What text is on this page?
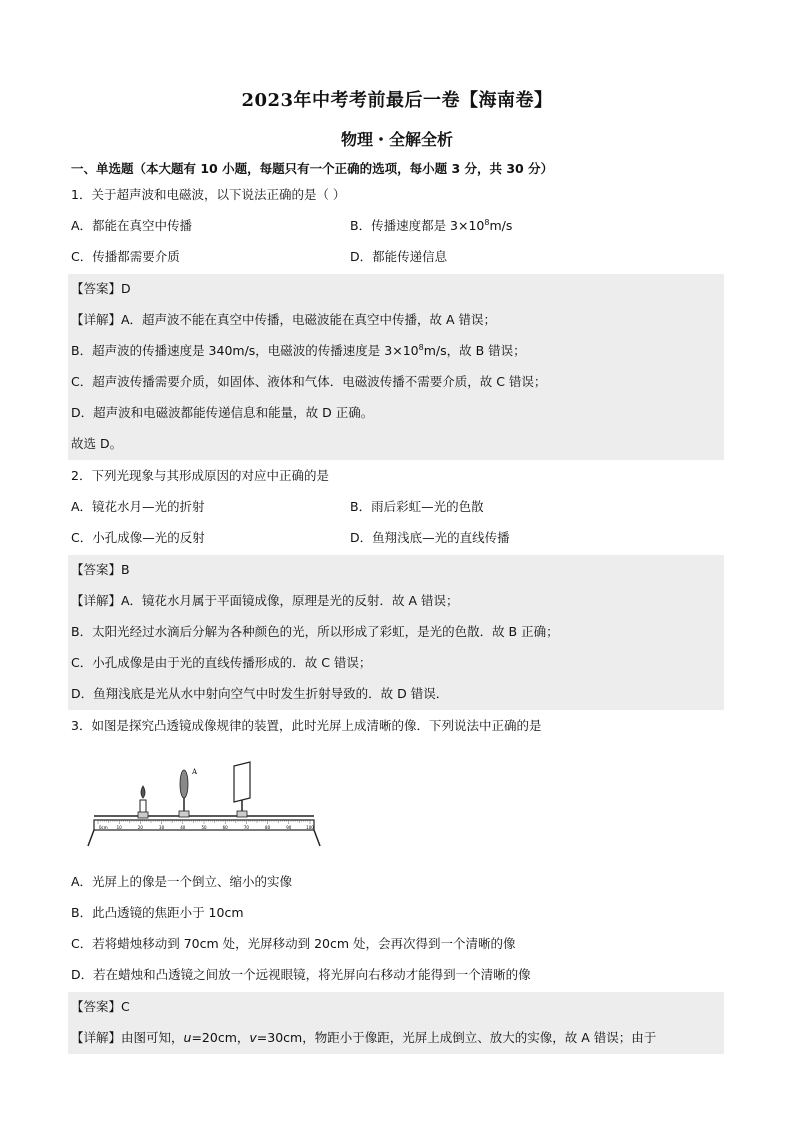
2023年中考考前最后一卷【海南卷】
物理・全解全析
一、单选题（本大题有 10 小题，每题只有一个正确的选项，每小题 3 分，共 30 分）
1．关于超声波和电磁波，以下说法正确的是（ ）
A．都能在真空中传播	B．传播速度都是 $3\times 10^8m/s$
C．传播都需要介质	D．都能传递信息
【答案】D
【详解】A．超声波不能在真空中传播，电磁波能在真空中传播，故 A 错误；
B．超声波的传播速度是 340m/s，电磁波的传播速度是 $3\times 10^8m/s$，故 B 错误；
C．超声波传播需要介质，如固体、液体和气体．电磁波传播不需要介质，故 C 错误；
D．超声波和电磁波都能传递信息和能量，故 D 正确。
故选 D。
2．下列光现象与其形成原因的对应中正确的是
A．镜花水月—光的折射	B．雨后彩虹—光的色散
C．小孔成像—光的反射	D．鱼翔浅底—光的直线传播
【答案】B
【详解】A．镜花水月属于平面镜成像，原理是光的反射．故 A 错误；
B．太阳光经过水滴后分解为各种颜色的光，所以形成了彩虹，是光的色散．故 B 正确；
C．小孔成像是由于光的直线传播形成的．故 C 错误；
D．鱼翔浅底是光从水中射向空气中时发生折射导致的．故 D 错误．
3．如图是探究凸透镜成像规律的装置，此时光屏上成清晰的像．下列说法中正确的是
0cm 10	20	30	40	50	60	70	80	90	100
A
A．光屏上的像是一个倒立、缩小的实像
B．此凸透镜的焦距小于 10cm
C．若将蜡烛移动到 70cm 处，光屏移动到 20cm 处，会再次得到一个清晰的像
D．若在蜡烛和凸透镜之间放一个远视眼镜，将光屏向右移动才能得到一个清晰的像
【答案】C
【详解】由图可知，u=20cm，v=30cm，物距小于像距，光屏上成倒立、放大的实像，故 A 错误；由于
